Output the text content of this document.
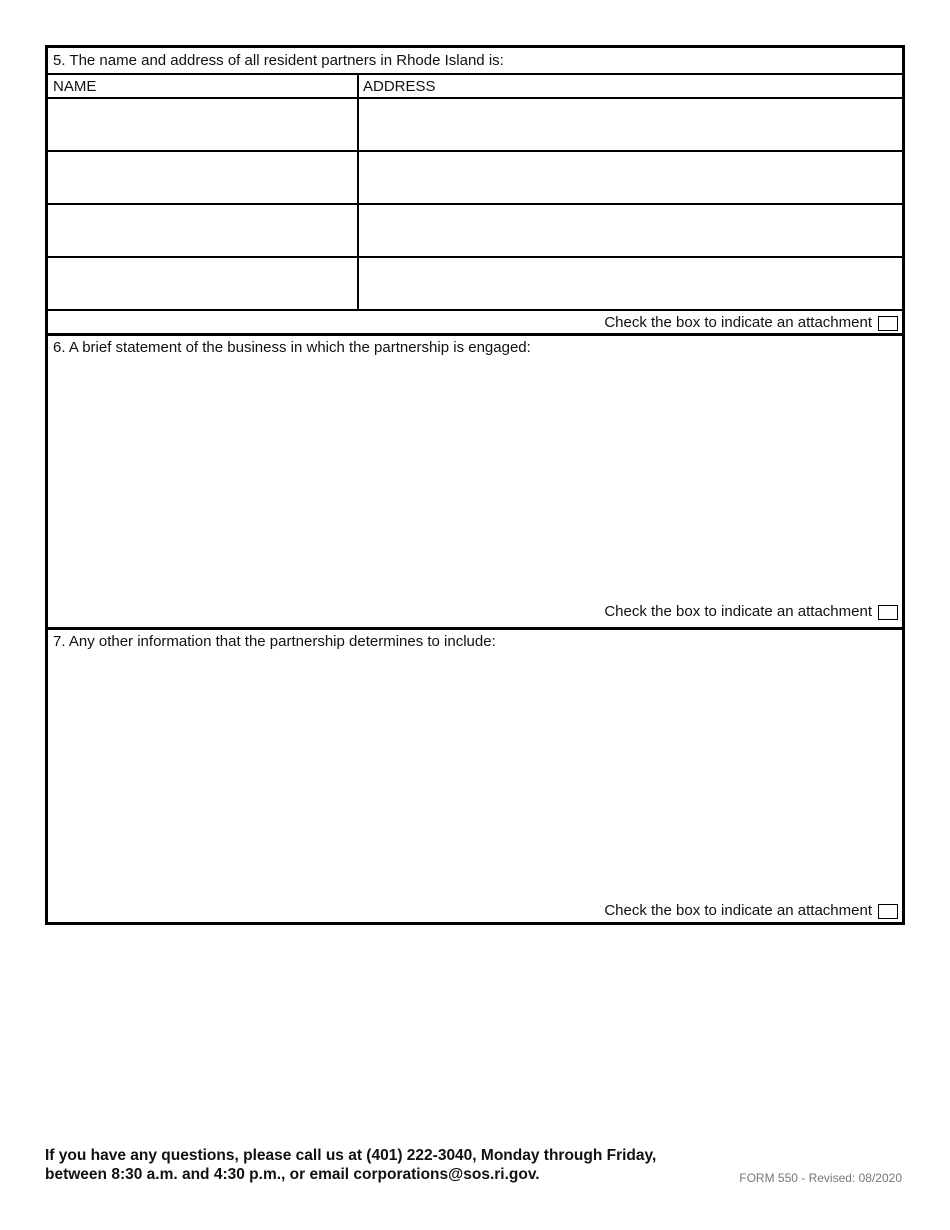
5. The name and address of all resident partners in Rhode Island is:
NAME	ADDRESS
Check the box to indicate an attachment
6. A brief statement of the business in which the partnership is engaged:
Check the box to indicate an attachment
7. Any other information that the partnership determines to include:
Check the box to indicate an attachment
If you have any questions, please call us at (401) 222-3040, Monday through Friday,
between 8:30 a.m. and 4:30 p.m., or email corporations@sos.ri.gov.	FORM 550 - Revised: 08/2020
